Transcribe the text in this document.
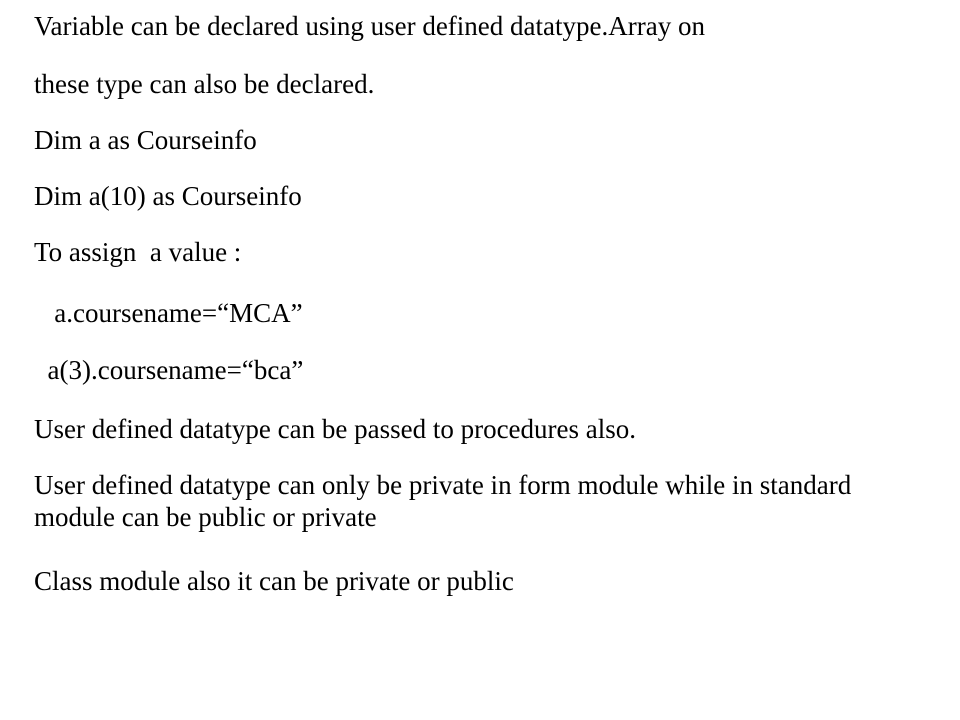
Variable can be declared using user defined datatype.Array on
these type can also be declared.
Dim a as Courseinfo
Dim a(10) as Courseinfo
To assign  a value :
a.coursename=“MCA”
a(3).coursename=“bca”
User defined datatype can be passed to procedures also.
User defined datatype can only be private in form module while in standard module can be public or private
Class module also it can be private or public
